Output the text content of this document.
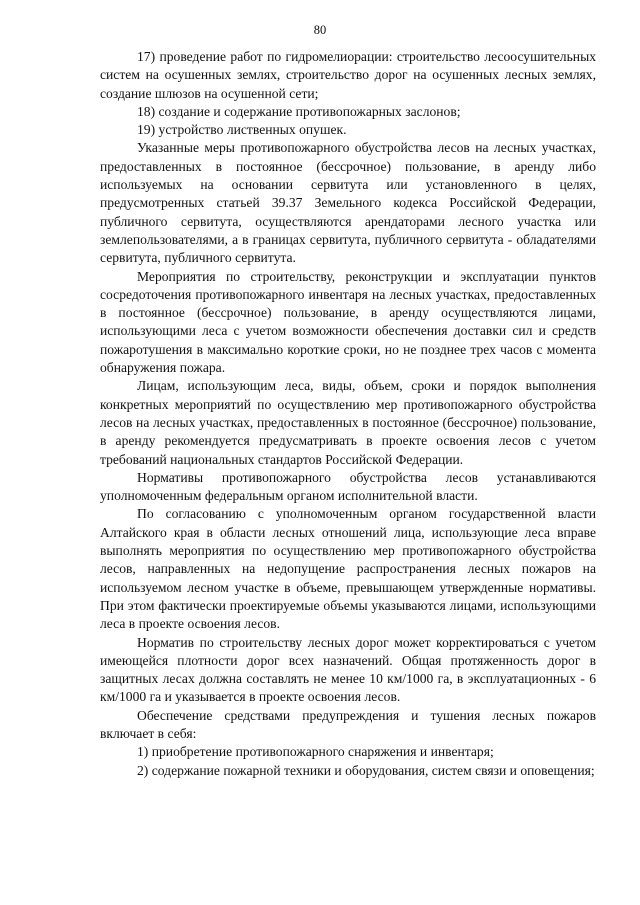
80

17) проведение работ по гидромелиорации: строительство лесоосушительных систем на осушенных землях, строительство дорог на осушенных лесных землях, создание шлюзов на осушенной сети;

18) создание и содержание противопожарных заслонов;

19) устройство лиственных опушек.

Указанные меры противопожарного обустройства лесов на лесных участках, предоставленных в постоянное (бессрочное) пользование, в аренду либо используемых на основании сервитута или установленного в целях, предусмотренных статьей 39.37 Земельного кодекса Российской Федерации, публичного сервитута, осуществляются арендаторами лесного участка или землепользователями, а в границах сервитута, публичного сервитута - обладателями сервитута, публичного сервитута.

Мероприятия по строительству, реконструкции и эксплуатации пунктов сосредоточения противопожарного инвентаря на лесных участках, предоставленных в постоянное (бессрочное) пользование, в аренду осуществляются лицами, использующими леса с учетом возможности обеспечения доставки сил и средств пожаротушения в максимально короткие сроки, но не позднее трех часов с момента обнаружения пожара.

Лицам, использующим леса, виды, объем, сроки и порядок выполнения конкретных мероприятий по осуществлению мер противопожарного обустройства лесов на лесных участках, предоставленных в постоянное (бессрочное) пользование, в аренду рекомендуется предусматривать в проекте освоения лесов с учетом требований национальных стандартов Российской Федерации.

Нормативы противопожарного обустройства лесов устанавливаются уполномоченным федеральным органом исполнительной власти.

По согласованию с уполномоченным органом государственной власти Алтайского края в области лесных отношений лица, использующие леса вправе выполнять мероприятия по осуществлению мер противопожарного обустройства лесов, направленных на недопущение распространения лесных пожаров на используемом лесном участке в объеме, превышающем утвержденные нормативы. При этом фактически проектируемые объемы указываются лицами, использующими леса в проекте освоения лесов.

Норматив по строительству лесных дорог может корректироваться с учетом имеющейся плотности дорог всех назначений. Общая протяженность дорог в защитных лесах должна составлять не менее 10 км/1000 га, в эксплуатационных - 6 км/1000 га и указывается в проекте освоения лесов.

Обеспечение средствами предупреждения и тушения лесных пожаров включает в себя:

1) приобретение противопожарного снаряжения и инвентаря;

2) содержание пожарной техники и оборудования, систем связи и оповещения;
